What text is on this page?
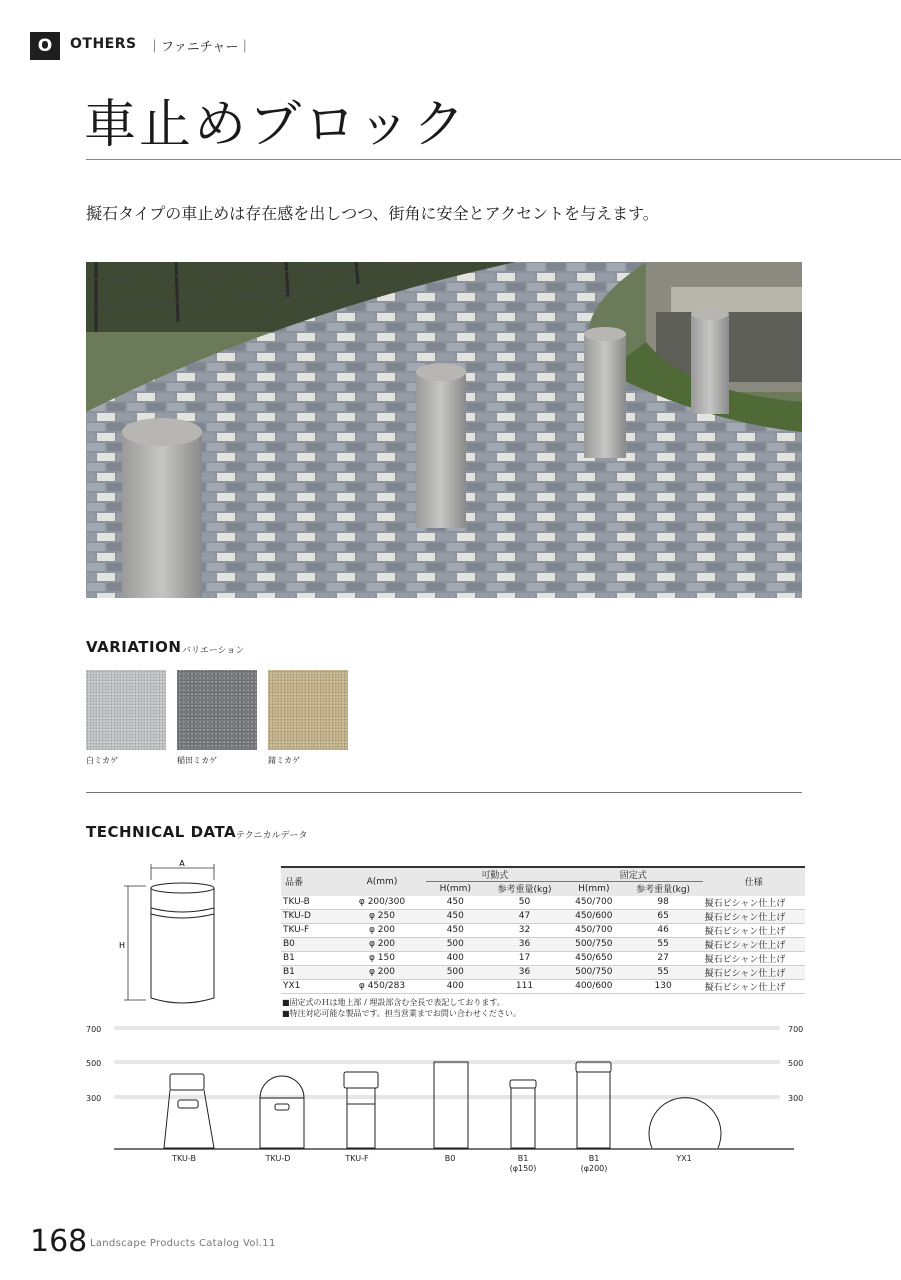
O	OTHERS ｜ファニチャー｜
車止めブロック

擬石タイプの車止めは存在感を出しつつ、街角に安全とアクセントを与えます。

VARIATION バリエーション
白ミカゲ	稲田ミカゲ	錆ミカゲ
TECHNICAL DATA テクニカルデータ
A
H
品番	A(mm)	可動式		固定式		仕様
		H(mm)	参考重量(kg)	H(mm)	参考重量(kg)	
TKU-B	φ 200/300	450	50	450/700	98	擬石ビシャン仕上げ
TKU-D	φ 250	450	47	450/600	65	擬石ビシャン仕上げ
TKU-F	φ 200	450	32	450/700	46	擬石ビシャン仕上げ
B0	φ 200	500	36	500/750	55	擬石ビシャン仕上げ
B1	φ 150	400	17	450/650	27	擬石ビシャン仕上げ
B1	φ 200	500	36	500/750	55	擬石ビシャン仕上げ
YX1	φ 450/283	400	111	400/600	130	擬石ビシャン仕上げ
■固定式のＨは地上部 / 埋設部含む全長で表記しております。
■特注対応可能な製品です。担当営業までお問い合わせください。
700
500
300
700
500
300
TKU-B	TKU-D	TKU-F	B0	B1
(φ150)
B1
(φ200)
YX1
168 Landscape Products Catalog Vol.11
